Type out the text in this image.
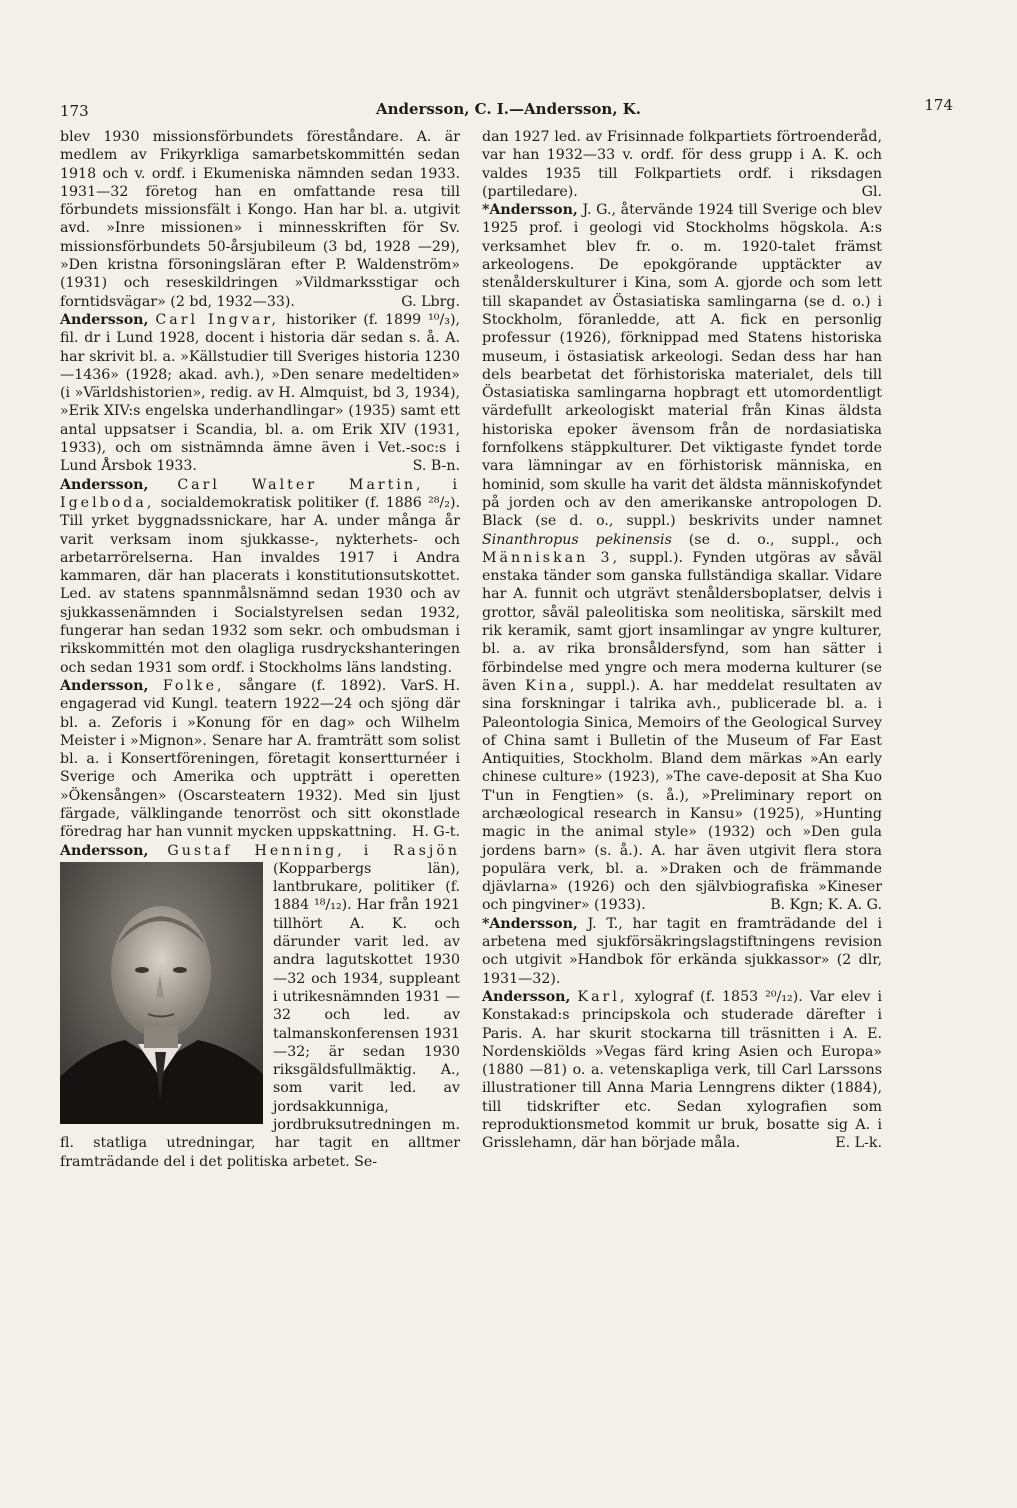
173	Andersson, C. I.—Andersson, K.	174

blev 1930 missionsförbundets föreståndare. A. är medlem av Frikyrkliga samarbetskommittén sedan 1918 och v. ordf. i Ekumeniska nämnden sedan 1933. 1931—32 företog han en omfattande resa till förbundets missionsfält i Kongo. Han har bl. a. utgivit avd. »Inre missionen» i minnesskriften för Sv. missionsförbundets 50-årsjubileum (3 bd, 1928 —29), »Den kristna försoningsläran efter P. Waldenström» (1931) och reseskildringen »Vildmarksstigar och forntidsvägar» (2 bd, 1932—33).	G. Lbrg.

Andersson, Carl Ingvar, historiker (f. 1899 ¹⁰/₃), fil. dr i Lund 1928, docent i historia där sedan s. å. A. har skrivit bl. a. »Källstudier till Sveriges historia 1230—1436» (1928; akad. avh.), »Den senare medeltiden» (i »Världshistorien», redig. av H. Almquist, bd 3, 1934), »Erik XIV:s engelska underhandlingar» (1935) samt ett antal uppsatser i Scandia, bl. a. om Erik XIV (1931, 1933), och om sistnämnda ämne även i Vet.-soc:s i Lund Årsbok 1933.	S. B-n.

Andersson, Carl Walter Martin, i Igelboda, socialdemokratisk politiker (f. 1886 ²⁸/₂). Till yrket byggnadssnickare, har A. under många år varit verksam inom sjukkasse-, nykterhets- och arbetarrörelserna. Han invaldes 1917 i Andra kammaren, där han placerats i konstitutionsutskottet. Led. av statens spannmålsnämnd sedan 1930 och av sjukkassenämnden i Socialstyrelsen sedan 1932, fungerar han sedan 1932 som sekr. och ombudsman i rikskommittén mot den olagliga rusdryckshanteringen och sedan 1931 som ordf. i Stockholms läns landsting.
S. H.

Andersson, Folke, sångare (f. 1892). Var engagerad vid Kungl. teatern 1922—24 och sjöng där bl. a. Zeforis i »Konung för en dag» och Wilhelm Meister i »Mignon». Senare har A. framträtt som solist bl. a. i Konsertföreningen, företagit konsertturnéer i Sverige och Amerika och uppträtt i operetten »Ökensången» (Oscarsteatern 1932). Med sin ljust färgade, välklingande tenorröst och sitt okonstlade föredrag har han vunnit mycken uppskattning. H. G-t.

Andersson, Gustaf Henning, i Rasjön
(Kopparbergs län), lantbrukare, politiker (f. 1884 ¹⁸/₁₂). Har från 1921 tillhört A. K. och därunder varit led. av andra lagutskottet 1930—32 och 1934, suppleant i utrikesnämnden 1931 —32 och led. av talmanskonferensen 1931 —32; är sedan 1930 riksgäldsfullmäktig. A., som varit led. av jordsakkunniga, jordbruksutredningen m. fl. statliga utredningar, har tagit en alltmer framträdande del i det politiska arbetet. Se-

dan 1927 led. av Frisinnade folkpartiets förtroenderåd, var han 1932—33 v. ordf. för dess grupp i A. K. och valdes 1935 till Folkpartiets ordf. i riksdagen (partiledare).	Gl.

*Andersson, J. G., återvände 1924 till Sverige och blev 1925 prof. i geologi vid Stockholms högskola. A:s verksamhet blev fr. o. m. 1920-talet främst arkeologens. De epokgörande upptäckter av stenålderskulturer i Kina, som A. gjorde och som lett till skapandet av Östasiatiska samlingarna (se d. o.) i Stockholm, föranledde, att A. fick en personlig professur (1926), förknippad med Statens historiska museum, i östasiatisk arkeologi. Sedan dess har han dels bearbetat det förhistoriska materialet, dels till Östasiatiska samlingarna hopbragt ett utomordentligt värdefullt arkeologiskt material från Kinas äldsta historiska epoker ävensom från de nordasiatiska fornfolkens stäppkulturer. Det viktigaste fyndet torde vara lämningar av en förhistorisk människa, en hominid, som skulle ha varit det äldsta människofyndet på jorden och av den amerikanske antropologen D. Black (se d. o., suppl.) beskrivits under namnet Sinanthropus pekinensis (se d. o., suppl., och Människan 3, suppl.). Fynden utgöras av såväl enstaka tänder som ganska fullständiga skallar. Vidare har A. funnit och utgrävt stenåldersboplatser, delvis i grottor, såväl paleolitiska som neolitiska, särskilt med rik keramik, samt gjort insamlingar av yngre kulturer, bl. a. av rika bronsåldersfynd, som han sätter i förbindelse med yngre och mera moderna kulturer (se även Kina, suppl.). A. har meddelat resultaten av sina forskningar i talrika avh., publicerade bl. a. i Paleontologia Sinica, Memoirs of the Geological Survey of China samt i Bulletin of the Museum of Far East Antiquities, Stockholm. Bland dem märkas »An early chinese culture» (1923), »The cave-deposit at Sha Kuo T'un in Fengtien» (s. å.), »Preliminary report on archæological research in Kansu» (1925), »Hunting magic in the animal style» (1932) och »Den gula jordens barn» (s. å.). A. har även utgivit flera stora populära verk, bl. a. »Draken och de främmande djävlarna» (1926) och den självbiografiska »Kineser och pingviner» (1933).	B. Kgn; K. A. G.

*Andersson, J. T., har tagit en framträdande del i arbetena med sjukförsäkringslagstiftningens revision och utgivit »Handbok för erkända sjukkassor» (2 dlr, 1931—32).

Andersson, Karl, xylograf (f. 1853 ²⁰/₁₂). Var elev i Konstakad:s principskola och studerade därefter i Paris. A. har skurit stockarna till träsnitten i A. E. Nordenskiölds »Vegas färd kring Asien och Europa» (1880 —81) o. a. vetenskapliga verk, till Carl Larssons illustrationer till Anna Maria Lenngrens dikter (1884), till tidskrifter etc. Sedan xylografien som reproduktionsmetod kommit ur bruk, bosatte sig A. i Grisslehamn, där han började måla.	E. L-k.
